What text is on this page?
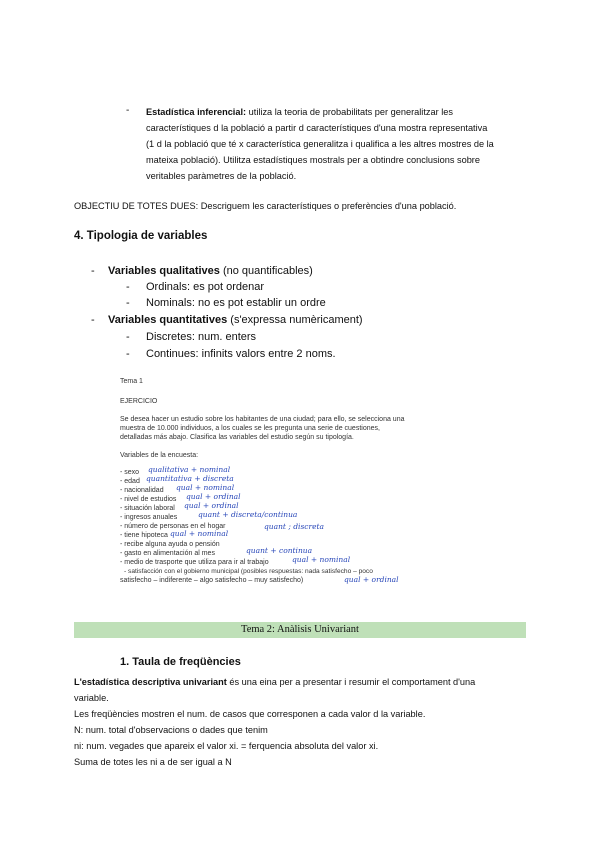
- Estadística inferencial: utiliza la teoria de probabilitats per generalitzar les
característiques d la població a partir d característiques d'una mostra representativa
(1 d la població que té x característica generalitza i qualifica a les altres mostres de la
mateixa població). Utilitza estadístiques mostrals per a obtindre conclusions sobre
veritables paràmetres de la població.
OBJECTIU DE TOTES DUES: Descriguem les característiques o preferències d'una població.
4. Tipologia de variables
- Variables qualitatives (no quantificables)
- Ordinals: es pot ordenar
- Nominals: no es pot establir un ordre
- Variables quantitatives (s'expressa numèricament)
- Discretes: num. enters
- Continues: infinits valors entre 2 noms.
Tema 1
EJERCICIO
Se desea hacer un estudio sobre los habitantes de una ciudad; para ello, se selecciona una
muestra de 10.000 individuos, a los cuales se les pregunta una serie de cuestiones,
detalladas más abajo. Clasifica las variables del estudio según su tipología.
Variables de la encuesta:
- sexo qualitativa + nominal
- edad quantitativa + discreta
- nacionalidad qual + nominal
- nivel de estudios qual + ordinal
- situación laboral qual + ordinal
- ingresos anuales	quant + discreta/continua
- número de personas en el hogar	quant ; discreta
- tiene hipoteca qual + nominal
- recibe alguna ayuda o pensión
- gasto en alimentación al mes	quant + continua
- medio de trasporte que utiliza para ir al trabajo	qual + nominal
- satisfacción con el gobierno municipal (posibles respuestas: nada satisfecho – poco
satisfecho – indiferente – algo satisfecho – muy satisfecho)	qual + ordinal
Tema 2: Anàlisis Univariant
1. Taula de freqüències
L'estadística descriptiva univariant és una eina per a presentar i resumir el comportament d'una
variable.
Les freqüències mostren el num. de casos que corresponen a cada valor d la variable.
N: num. total d'observacions o dades que tenim
ni: num. vegades que apareix el valor xi. = ferquencia absoluta del valor xi.
Suma de totes les ni a de ser igual a N
